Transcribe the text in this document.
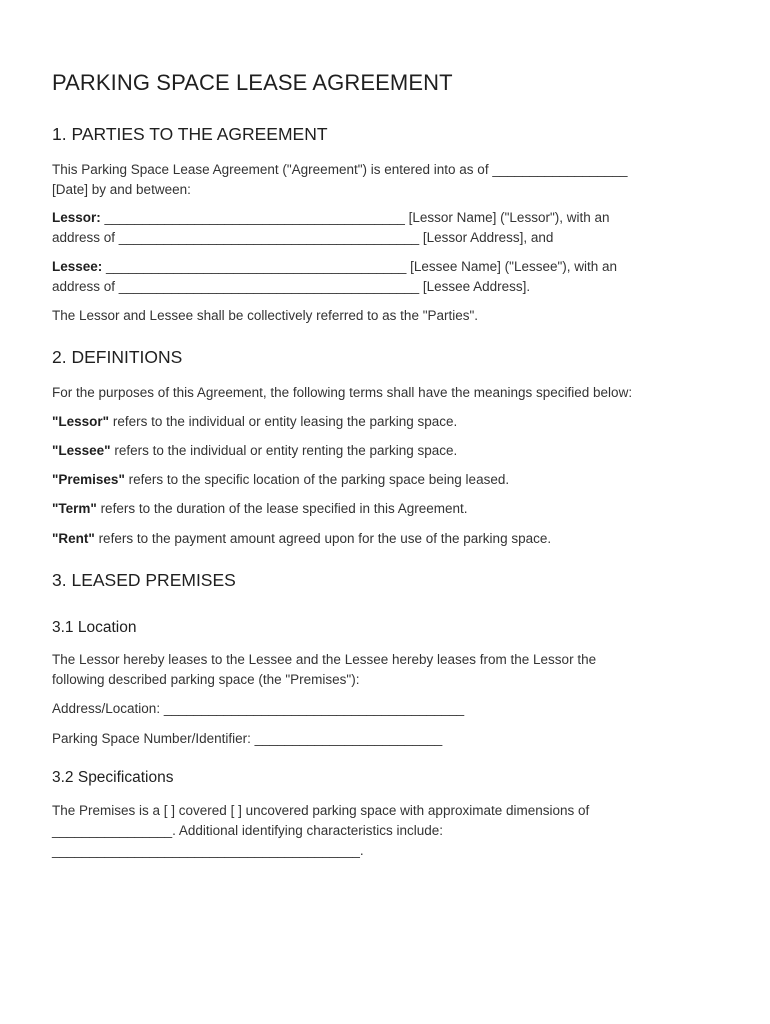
PARKING SPACE LEASE AGREEMENT
1. PARTIES TO THE AGREEMENT

This Parking Space Lease Agreement ("Agreement") is entered into as of __________________

[Date] by and between:

Lessor: ________________________________________ [Lessor Name] ("Lessor"), with an

address of ________________________________________ [Lessor Address], and

Lessee: ________________________________________ [Lessee Name] ("Lessee"), with an

address of ________________________________________ [Lessee Address].

The Lessor and Lessee shall be collectively referred to as the "Parties".

2. DEFINITIONS

For the purposes of this Agreement, the following terms shall have the meanings specified below:

"Lessor" refers to the individual or entity leasing the parking space.

"Lessee" refers to the individual or entity renting the parking space.

"Premises" refers to the specific location of the parking space being leased.

"Term" refers to the duration of the lease specified in this Agreement.

"Rent" refers to the payment amount agreed upon for the use of the parking space.

3. LEASED PREMISES
3.1 Location

The Lessor hereby leases to the Lessee and the Lessee hereby leases from the Lessor the

following described parking space (the "Premises"):

Address/Location: ________________________________________

Parking Space Number/Identifier: _________________________

3.2 Specifications

The Premises is a [ ] covered [ ] uncovered parking space with approximate dimensions of

________________. Additional identifying characteristics include:

_________________________________________.
